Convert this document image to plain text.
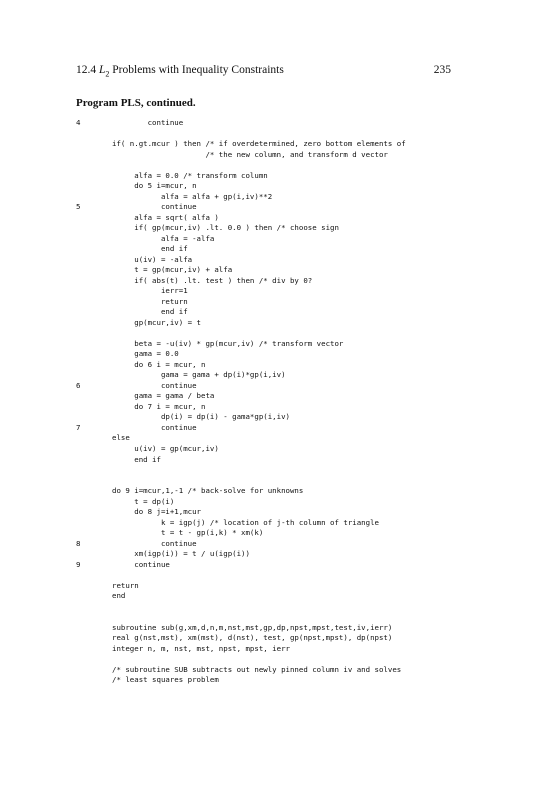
12.4 $L_2$ Problems with Inequality Constraints	235
Program PLS, continued.
4	continue
if( n.gt.mcur ) then /* if overdetermined, zero bottom elements of
/* the new column, and transform d vector
alfa = 0.0 /* transform column
do 5 i=mcur, n
alfa = alfa + gp(i,iv)**2
5	continue
alfa = sqrt( alfa )
if( gp(mcur,iv) .lt. 0.0 ) then /* choose sign
alfa = -alfa
end if
u(iv) = -alfa
t = gp(mcur,iv) + alfa
if( abs(t) .lt. test ) then /* div by 0?
ierr=1
return
end if
gp(mcur,iv) = t
beta = -u(iv) * gp(mcur,iv) /* transform vector
gama = 0.0
do 6 i = mcur, n
gama = gama + dp(i)*gp(i,iv)
6	continue
gama = gama / beta
do 7 i = mcur, n
dp(i) = dp(i) - gama*gp(i,iv)
7	continue
else
u(iv) = gp(mcur,iv)
end if
do 9 i=mcur,1,-1 /* back-solve for unknowns
t = dp(i)
do 8 j=i+1,mcur
k = igp(j) /* location of j-th column of triangle
t = t - gp(i,k) * xm(k)
8	continue
xm(igp(i)) = t / u(igp(i))
9	continue
return
end
subroutine sub(g,xm,d,n,m,nst,mst,gp,dp,npst,mpst,test,iv,ierr)
real g(nst,mst), xm(mst), d(nst), test, gp(npst,mpst), dp(npst)
integer n, m, nst, mst, npst, mpst, ierr
/* subroutine SUB subtracts out newly pinned column iv and solves
/* least squares problem
